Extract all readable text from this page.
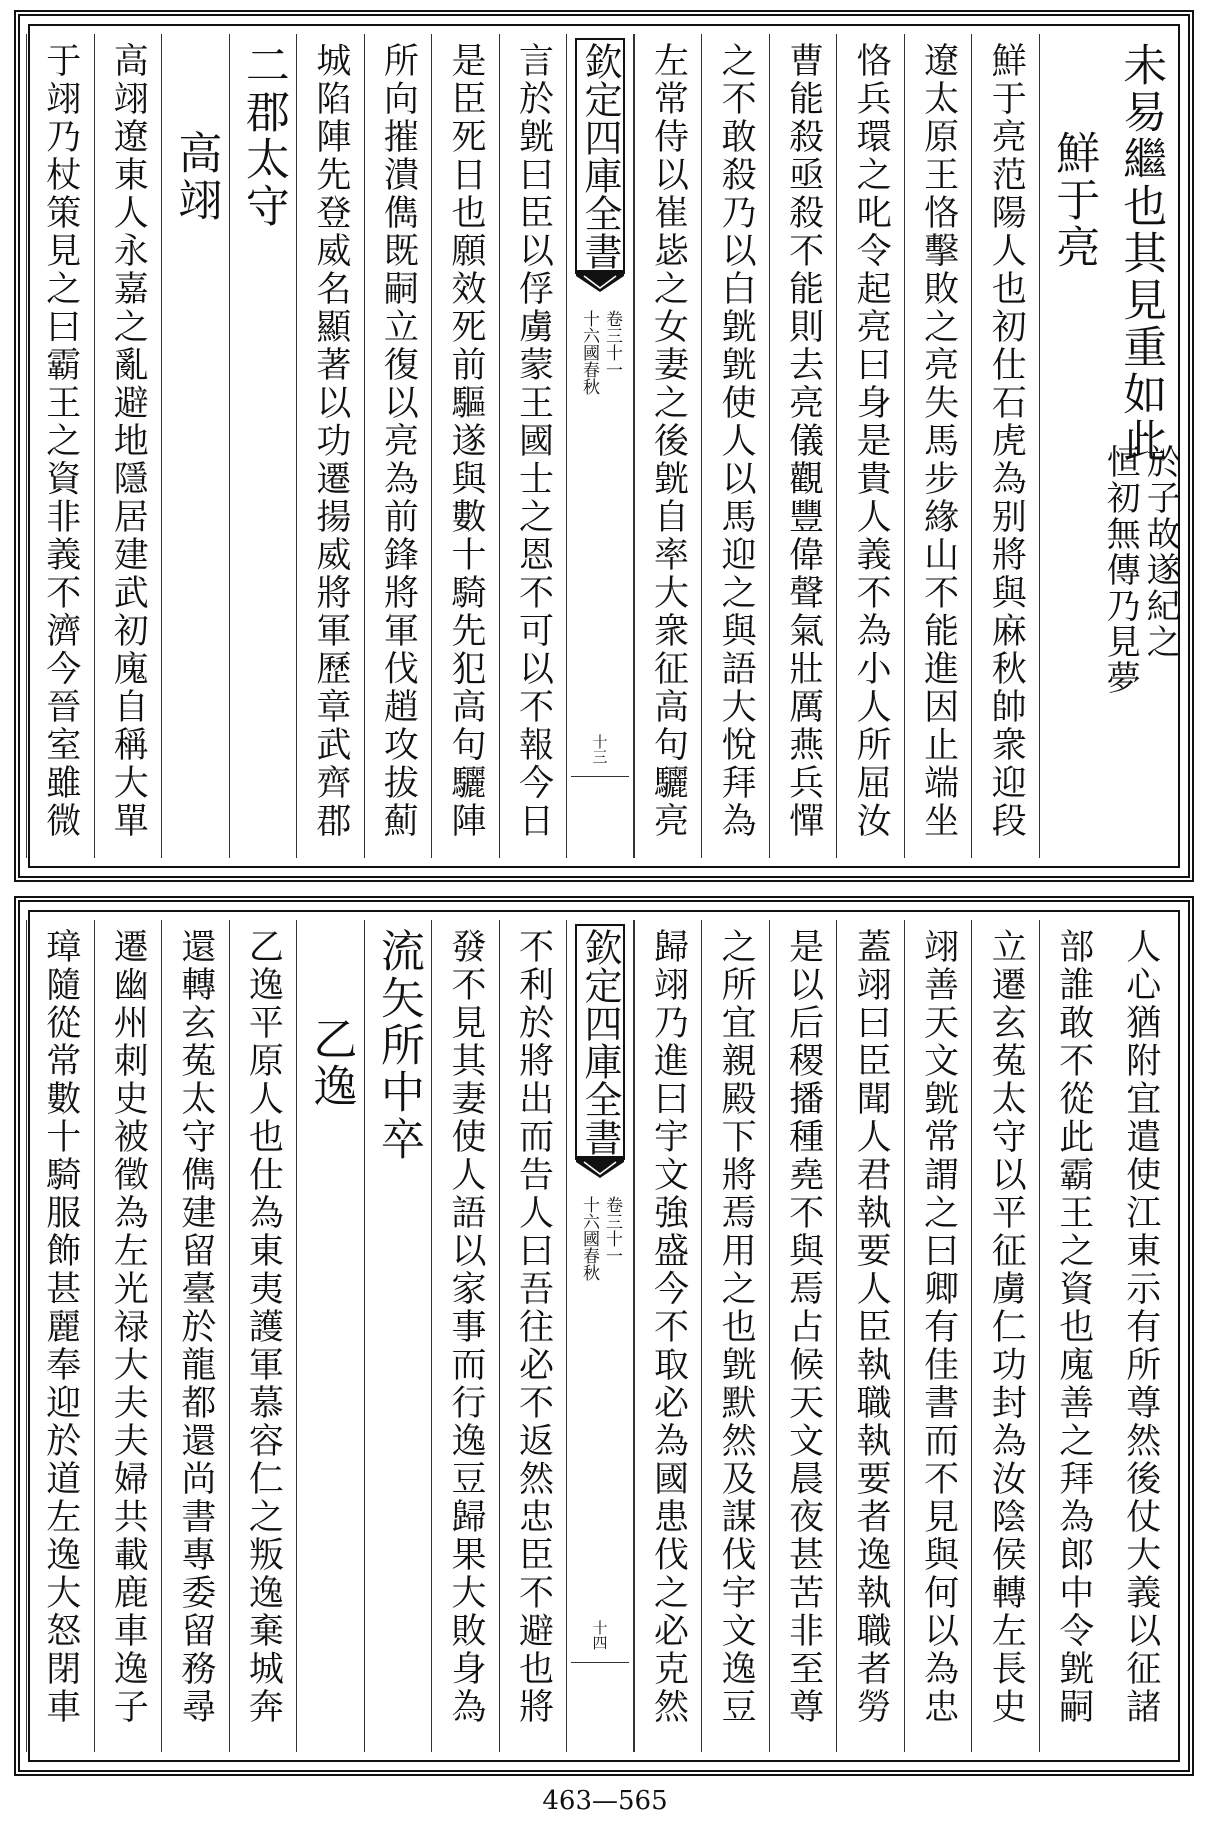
未易繼也其見重如此
恒初無傳乃見夢 於子故遂紀之
鮮于亮
鮮于亮范陽人也初仕石虎為别將與麻秋帥衆迎段
遼太原王恪擊敗之亮失馬步緣山不能進因止端坐
恪兵環之叱令起亮曰身是貴人義不為小人所屈汝
曹能殺亟殺不能則去亮儀觀豐偉聲氣壯厲燕兵憚
之不敢殺乃以白皝皝使人以馬迎之與語大悅拜為
左常侍以崔毖之女妻之後皝自率大衆征高句驪亮
欽定四庫全書
十六國春秋 卷三十一
十三
言於皝曰臣以俘虜蒙王國士之恩不可以不報今日
是臣死日也願效死前驅遂與數十騎先犯高句驪陣
所向摧潰儁既嗣立復以亮為前鋒將軍伐趙攻拔薊
城陷陣先登威名顯著以功遷揚威將軍歷章武齊郡
二郡太守
高翊
高翊遼東人永嘉之亂避地隱居建武初廆自稱大單
于翊乃杖策見之曰霸王之資非義不濟今晉室雖微
人心猶附宜遣使江東示有所尊然後仗大義以征諸
部誰敢不從此霸王之資也廆善之拜為郎中令皝嗣
立遷玄菟太守以平征虜仁功封為汝陰侯轉左長史
翊善天文皝常謂之曰卿有佳書而不見與何以為忠
蓋翊曰臣聞人君執要人臣執職執要者逸執職者勞
是以后稷播種堯不與焉占候天文晨夜甚苦非至尊
之所宜親殿下將焉用之也皝默然及謀伐宇文逸豆
歸翊乃進曰宇文強盛今不取必為國患伐之必克然
欽定四庫全書
十六國春秋 卷三十一
十四
不利於將出而告人曰吾往必不返然忠臣不避也將
發不見其妻使人語以家事而行逸豆歸果大敗身為
流矢所中卒
乙逸
乙逸平原人也仕為東夷護軍慕容仁之叛逸棄城奔
還轉玄菟太守儁建留臺於龍都還尚書專委留務尋
遷幽州刺史被徵為左光禄大夫夫婦共載鹿車逸子
璋隨從常數十騎服飾甚麗奉迎於道左逸大怒閉車
463—565
